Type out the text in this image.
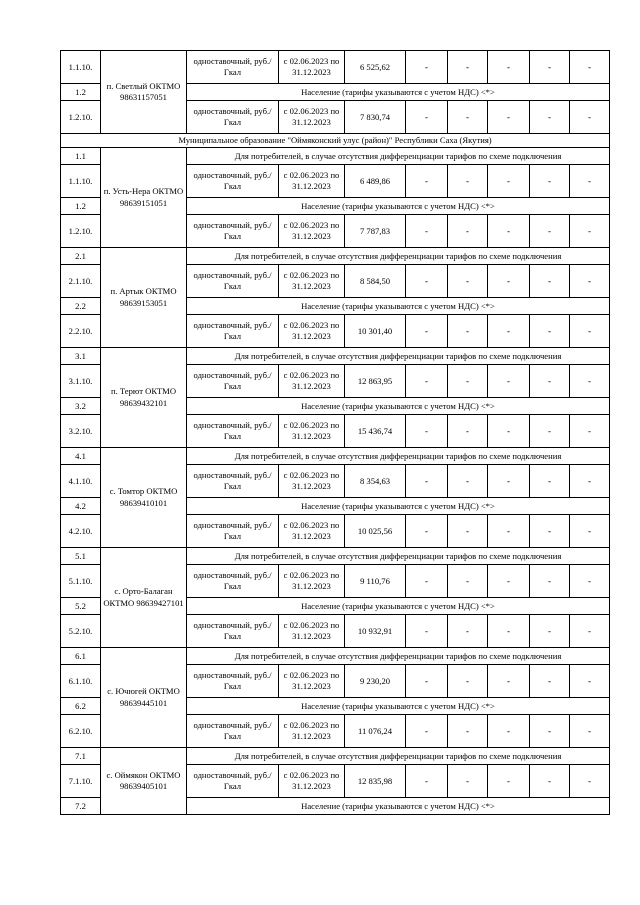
1.1.10.	п. Светлый ОКТМО 98631157051	одноставочный, руб./Гкал	с 02.06.2023 по 31.12.2023	6 525,62	-	-	-	-	-
1.2		Население (тарифы указываются с учетом НДС) <*>							
1.2.10.		одноставочный, руб./Гкал	с 02.06.2023 по 31.12.2023	7 830,74	-	-	-	-	-
Муниципальное образование "Оймяконский улус (район)" Республики Саха (Якутия)									
1.1	п. Усть-Нера ОКТМО 98639151051	Для потребителей, в случае отсутствия дифференциации тарифов по схеме подключения							
1.1.10.		одноставочный, руб./Гкал	с 02.06.2023 по 31.12.2023	6 489,86	-	-	-	-	-
1.2		Население (тарифы указываются с учетом НДС) <*>							
1.2.10.		одноставочный, руб./Гкал	с 02.06.2023 по 31.12.2023	7 787,83	-	-	-	-	-
2.1	п. Артык ОКТМО 98639153051	Для потребителей, в случае отсутствия дифференциации тарифов по схеме подключения							
2.1.10.		одноставочный, руб./Гкал	с 02.06.2023 по 31.12.2023	8 584,50	-	-	-	-	-
2.2		Население (тарифы указываются с учетом НДС) <*>							
2.2.10.		одноставочный, руб./Гкал	с 02.06.2023 по 31.12.2023	10 301,40	-	-	-	-	-
3.1	п. Терют ОКТМО 98639432101	Для потребителей, в случае отсутствия дифференциации тарифов по схеме подключения							
3.1.10.		одноставочный, руб./Гкал	с 02.06.2023 по 31.12.2023	12 863,95	-	-	-	-	-
3.2		Население (тарифы указываются с учетом НДС) <*>							
3.2.10.		одноставочный, руб./Гкал	с 02.06.2023 по 31.12.2023	15 436,74	-	-	-	-	-
4.1	с. Томтор ОКТМО 98639410101	Для потребителей, в случае отсутствия дифференциации тарифов по схеме подключения							
4.1.10.		одноставочный, руб./Гкал	с 02.06.2023 по 31.12.2023	8 354,63	-	-	-	-	-
4.2		Население (тарифы указываются с учетом НДС) <*>							
4.2.10.		одноставочный, руб./Гкал	с 02.06.2023 по 31.12.2023	10 025,56	-	-	-	-	-
5.1	с. Орто-Балаган ОКТМО 98639427101	Для потребителей, в случае отсутствия дифференциации тарифов по схеме подключения							
5.1.10.		одноставочный, руб./Гкал	с 02.06.2023 по 31.12.2023	9 110,76	-	-	-	-	-
5.2		Население (тарифы указываются с учетом НДС) <*>							
5.2.10.		одноставочный, руб./Гкал	с 02.06.2023 по 31.12.2023	10 932,91	-	-	-	-	-
6.1	с. Ючюгей ОКТМО 98639445101	Для потребителей, в случае отсутствия дифференциации тарифов по схеме подключения							
6.1.10.		одноставочный, руб./Гкал	с 02.06.2023 по 31.12.2023	9 230,20	-	-	-	-	-
6.2		Население (тарифы указываются с учетом НДС) <*>							
6.2.10.		одноставочный, руб./Гкал	с 02.06.2023 по 31.12.2023	11 076,24	-	-	-	-	-
7.1	с. Оймякон ОКТМО 98639405101	Для потребителей, в случае отсутствия дифференциации тарифов по схеме подключения							
7.1.10.		одноставочный, руб./Гкал	с 02.06.2023 по 31.12.2023	12 835,98	-	-	-	-	-
7.2		Население (тарифы указываются с учетом НДС) <*>							
